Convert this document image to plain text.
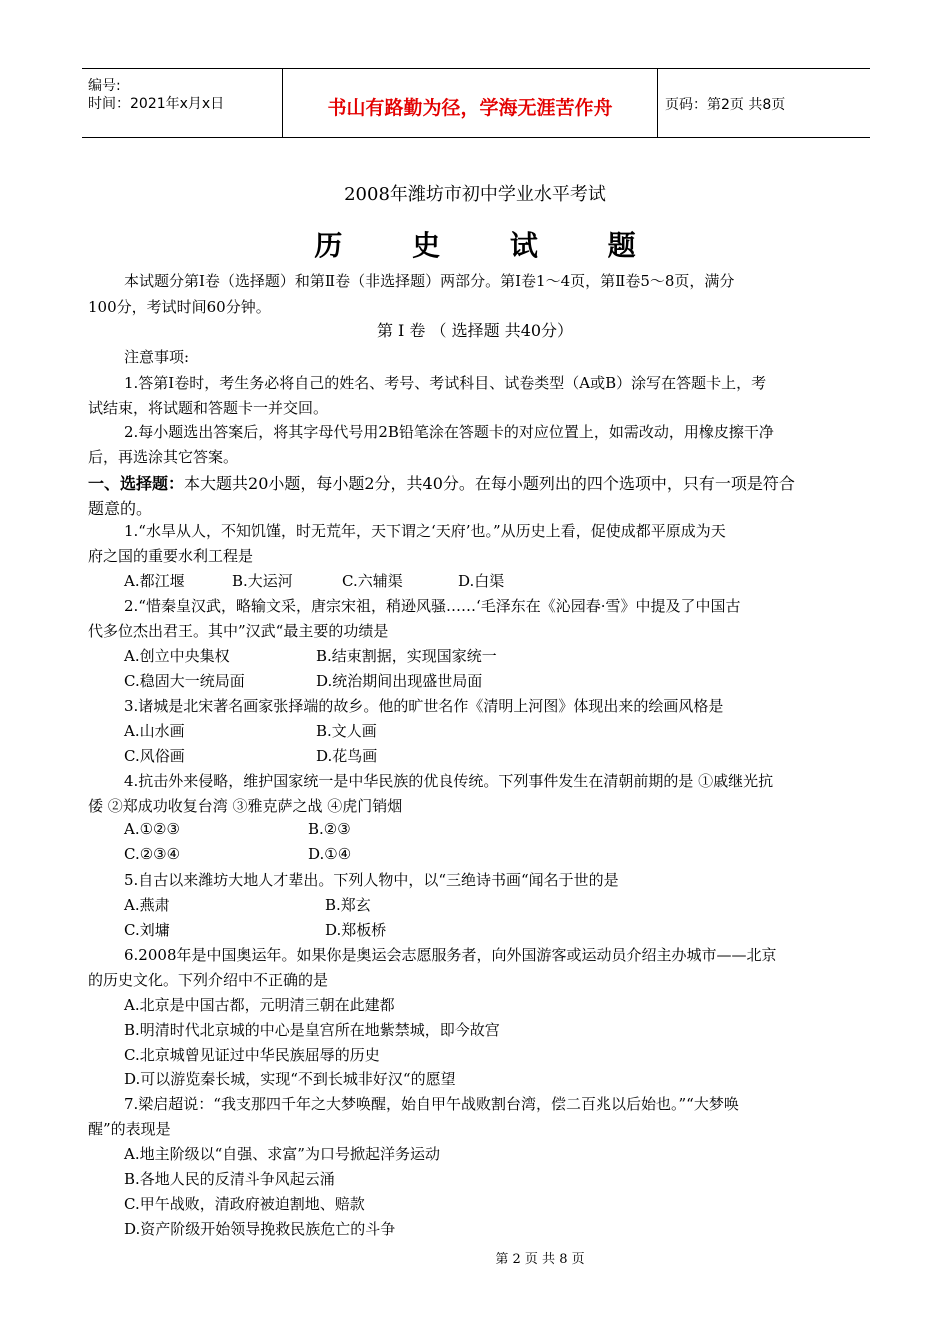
编号:
时间：2021年x月x日	书山有路勤为径，学海无涯苦作舟	页码：第2页 共8页
2008年潍坊市初中学业水平考试
历 史 试 题
本试题分第Ⅰ卷（选择题）和第Ⅱ卷（非选择题）两部分。第Ⅰ卷1～4页，第Ⅱ卷5～8页，满分
100分，考试时间60分钟。
第 Ⅰ 卷 （ 选择题 共40分）
注意事项:
1.答第Ⅰ卷时，考生务必将自己的姓名、考号、考试科目、试卷类型（A或B）涂写在答题卡上，考
试结束，将试题和答题卡一并交回。
2.每小题选出答案后，将其字母代号用2B铅笔涂在答题卡的对应位置上，如需改动，用橡皮擦干净
后，再选涂其它答案。
一、选择题：本大题共20小题，每小题2分，共40分。在每小题列出的四个选项中，只有一项是符合
题意的。
1.“水旱从人，不知饥馑，时无荒年，天下谓之‘天府’也。”从历史上看，促使成都平原成为天
府之国的重要水利工程是
A.都江堰	B.大运河	C.六辅渠	D.白渠
2.“惜秦皇汉武，略输文采，唐宗宋祖，稍逊风骚……‘毛泽东在《沁园春·雪》中提及了中国古
代多位杰出君王。其中”汉武“最主要的功绩是
A.创立中央集权	B.结束割据，实现国家统一
C.稳固大一统局面	D.统治期间出现盛世局面
3.诸城是北宋著名画家张择端的故乡。他的旷世名作《清明上河图》体现出来的绘画风格是
A.山水画	B.文人画
C.风俗画	D.花鸟画
4.抗击外来侵略，维护国家统一是中华民族的优良传统。下列事件发生在清朝前期的是 ①戚继光抗
倭 ②郑成功收复台湾 ③雅克萨之战 ④虎门销烟
A.①②③	B.②③
C.②③④	D.①④
5.自古以来潍坊大地人才辈出。下列人物中，以“三绝诗书画“闻名于世的是
A.燕肃	B.郑玄
C.刘墉	D.郑板桥
6.2008年是中国奥运年。如果你是奥运会志愿服务者，向外国游客或运动员介绍主办城市——北京
的历史文化。下列介绍中不正确的是
A.北京是中国古都，元明清三朝在此建都
B.明清时代北京城的中心是皇宫所在地紫禁城，即今故宫
C.北京城曾见证过中华民族屈辱的历史
D.可以游览秦长城，实现“不到长城非好汉“的愿望
7.梁启超说：“我支那四千年之大梦唤醒，始自甲午战败割台湾，偿二百兆以后始也。”“大梦唤
醒”的表现是
A.地主阶级以“自强、求富”为口号掀起洋务运动
B.各地人民的反清斗争风起云涌
C.甲午战败，清政府被迫割地、赔款
D.资产阶级开始领导挽救民族危亡的斗争
第 2 页 共 8 页
